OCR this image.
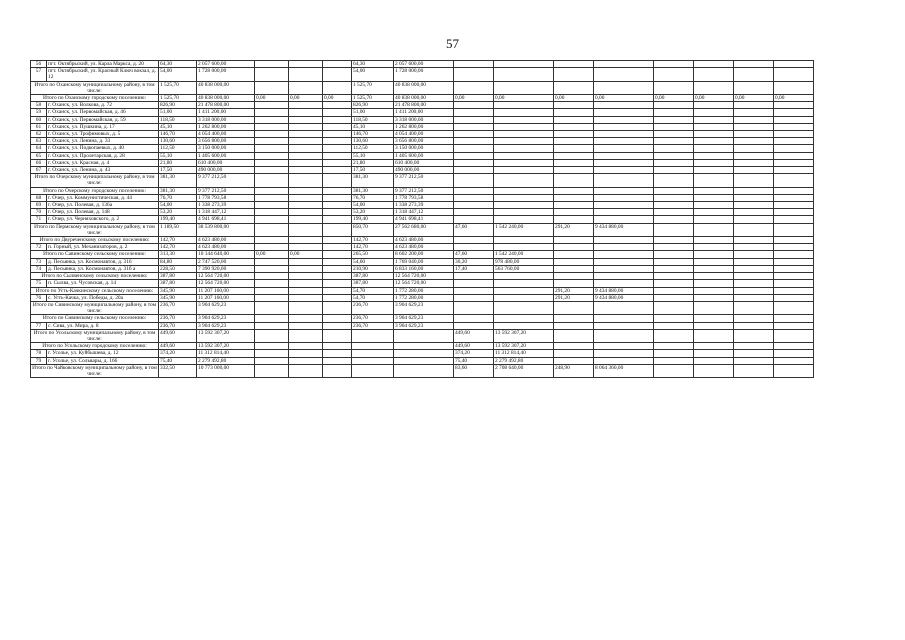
57
56	пгт. Октябрьский, ул. Карла Маркса, д. 20	64,30	2 057 600,00				64,30	2 057 600,00								
57	пгт. Октябрьский, ул. Красный Ключ вокзал, д. 12	54,00	1 728 000,00				54,00	1 728 000,00								
Итого по Оханскому муниципальному району, в том числе:		1 525,70	40 838 000,00				1 525,70	40 838 000,00								
Итого по Оханскому городскому поселению:		1 525,70	40 838 000,00	0,00	0,00	0,00	1 525,70	40 838 000,00	0,00	0,00	0,00	0,00	0,00	0,00	0,00	0,00
58	г. Оханск, ул. Волкова, д. 72	826,90	21 478 800,00				826,90	21 478 800,00								
59	г. Оханск, ул. Первомайская, д. 46	51,00	1 411 200,00				51,00	1 411 200,00								
60	г. Оханск, ул. Первомайская, д. 59	118,50	3 318 000,00				118,50	3 318 000,00								
61	г. Оханск, ул. Пушкина, д. 17	45,10	1 262 800,00				45,10	1 262 800,00								
62	г. Оханск, ул. Трофимовых, д. 5	146,70	4 054 400,00				146,70	4 054 400,00								
63	г. Оханск, ул. Ленина, д. 33	130,60	3 656 800,00				130,60	3 656 800,00								
64	г. Оханск, ул. Подкопаевых, д. 40	112,50	3 150 000,00				112,50	3 150 000,00								
65	г. Оханск, ул. Пролетарская, д. 28	55,10	1 405 600,00				55,10	1 405 600,00								
66	г. Оханск, ул. Красная, д. 4	21,80	610 400,00				21,80	610 400,00								
67	г. Оханск, ул. Ленина, д. 43	17,50	490 000,00				17,50	490 000,00								
Итого по Очерскому муниципальному району, в том числе:		381,30	9 377 212,50				381,30	9 377 212,50								
Итого по Очерскому городскому поселению:		381,30	9 377 212,50				381,30	9 377 212,50								
68	г. Очер, ул. Коммунистическая, д. 44	76,70	1 778 793,58				76,70	1 778 793,58								
69	г. Очер, ул. Полевая, д. 136а	54,00	1 338 273,39				54,00	1 338 273,39								
70	г. Очер, ул. Полевая, д. 148	53,20	1 318 447,12				53,20	1 318 447,12								
71	г. Очер, ул. Черняховского, д. 2	199,40	4 941 698,41				199,40	4 941 698,41								
Итого по Пермскому муниципальному району, в том числе:		1 189,50	38 539 800,00				850,70	27 562 680,00	47,60	1 542 240,00	291,20	9 434 880,00				
Итого по Двуреченскому сельскому поселению:		142,70	4 623 480,00				142,70	4 623 480,00								
72	п. Горный, ул. Механизаторов, д. 2	142,70	4 623 480,00				142,70	4 623 480,00								
Итого по Савинскому сельскому поселению:		313,30	10 144 640,00	0,00	0,00		265,50	8 602 200,00	47,60	1 542 240,00						
73	д. Песьянка, ул. Космонавтов, д. 316	84,80	2 747 520,00				54,60	1 769 040,00	30,20	978 480,00						
74	д. Песьянка, ул. Космонавтов, д. 31б а	228,50	7 390 920,00				210,90	6 833 160,00	17,40	563 760,00						
Итого по Сылвенскому сельскому поселению:		387,80	12 564 720,00				387,80	12 564 720,00								
75	п. Сылва, ул. Чусовская, д. 14	387,80	12 564 720,00				387,80	12 564 720,00								
Итого по Усть-Качкинскому сельскому поселению:		345,90	11 207 160,00				54,70	1 772 280,00			291,20	9 434 880,00				
76	с. Усть-Качка, ул. Победы, д. 20а	345,90	11 207 160,00				54,70	1 772 280,00			291,20	9 434 880,00				
Итого по Сивинскому муниципальному району, в том числе:		236,70	3 904 629,23				236,70	3 904 629,23								
Итого по Сивинскому сельскому поселению:		236,70	3 904 629,23				236,70	3 904 629,23								
77	с. Сива, ул. Мира, д. 8	236,70	3 904 629,23				236,70	3 904 629,23								
Итого по Усольскому муниципальному району, в том числе:		449,60	13 592 307,20						449,60	13 592 307,20						
Итого по Усольскому городскому поселению:		449,60	13 592 307,20						449,60	13 592 307,20						
78	г. Усолье, ул. Куйбышева, д. 12	374,20	11 312 814,40						374,20	11 312 814,40						
79	г. Усолье, ул. Сольвары, д. 166	75,40	2 279 492,80						75,40	2 279 492,80						
Итого по Чайковскому муниципальному району, в том числе:		332,50	10 773 000,00						83,60	2 708 640,00	248,90	8 064 360,00				
